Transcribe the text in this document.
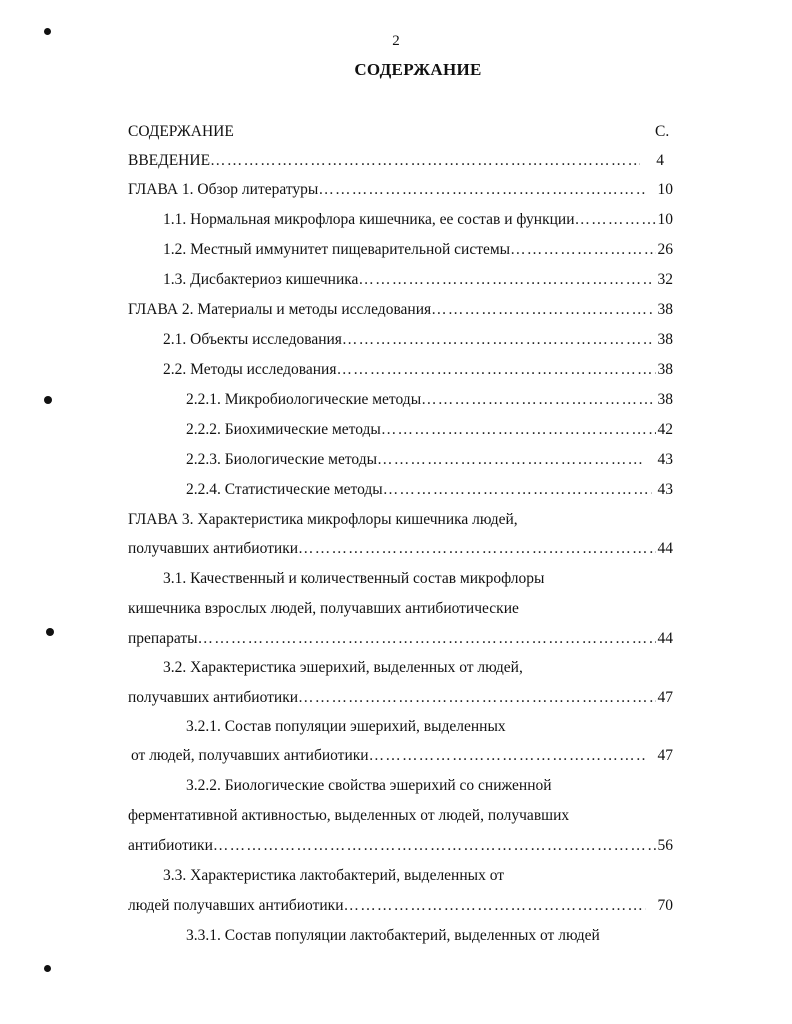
2
СОДЕРЖАНИЕ
СОДЕРЖАНИЕ	С.
ВВЕДЕНИЕ …………………………………………………………………………………………………………………………………………………………………………………………………	4
ГЛАВА 1. Обзор литературы …………………………………………………………………………………………………………………………………………………………………………………………………	10
1.1. Нормальная микрофлора кишечника, ее состав и функции …………………………………………………………………………………………………………………………………………………………………………………………………	10
1.2. Местный иммунитет пищеварительной системы …………………………………………………………………………………………………………………………………………………………………………………………………	26
1.3. Дисбактериоз кишечника …………………………………………………………………………………………………………………………………………………………………………………………………	32
ГЛАВА 2. Материалы и методы исследования …………………………………………………………………………………………………………………………………………………………………………………………………	38
2.1. Объекты исследования …………………………………………………………………………………………………………………………………………………………………………………………………	38
2.2. Методы исследования …………………………………………………………………………………………………………………………………………………………………………………………………	38
2.2.1. Микробиологические методы …………………………………………………………………………………………………………………………………………………………………………………………………	38
2.2.2. Биохимические методы …………………………………………………………………………………………………………………………………………………………………………………………………	42
2.2.3. Биологические методы …………………………………………………………………………………………………………………………………………………………………………………………………	43
2.2.4. Статистические методы …………………………………………………………………………………………………………………………………………………………………………………………………	43
ГЛАВА 3. Характеристика микрофлоры кишечника людей,
получавших антибиотики …………………………………………………………………………………………………………………………………………………………………………………………………	44
3.1. Качественный и количественный состав микрофлоры
кишечника взрослых людей, получавших антибиотические
препараты …………………………………………………………………………………………………………………………………………………………………………………………………	44
3.2. Характеристика эшерихий, выделенных от людей,
получавших антибиотики …………………………………………………………………………………………………………………………………………………………………………………………………	47
3.2.1. Состав популяции эшерихий, выделенных
от людей, получавших антибиотики …………………………………………………………………………………………………………………………………………………………………………………………………	47
3.2.2. Биологические свойства эшерихий со сниженной
ферментативной активностью, выделенных от людей, получавших
антибиотики …………………………………………………………………………………………………………………………………………………………………………………………………	56
3.3. Характеристика лактобактерий, выделенных от
людей получавших антибиотики …………………………………………………………………………………………………………………………………………………………………………………………………	70
3.3.1. Состав популяции лактобактерий, выделенных от людей
